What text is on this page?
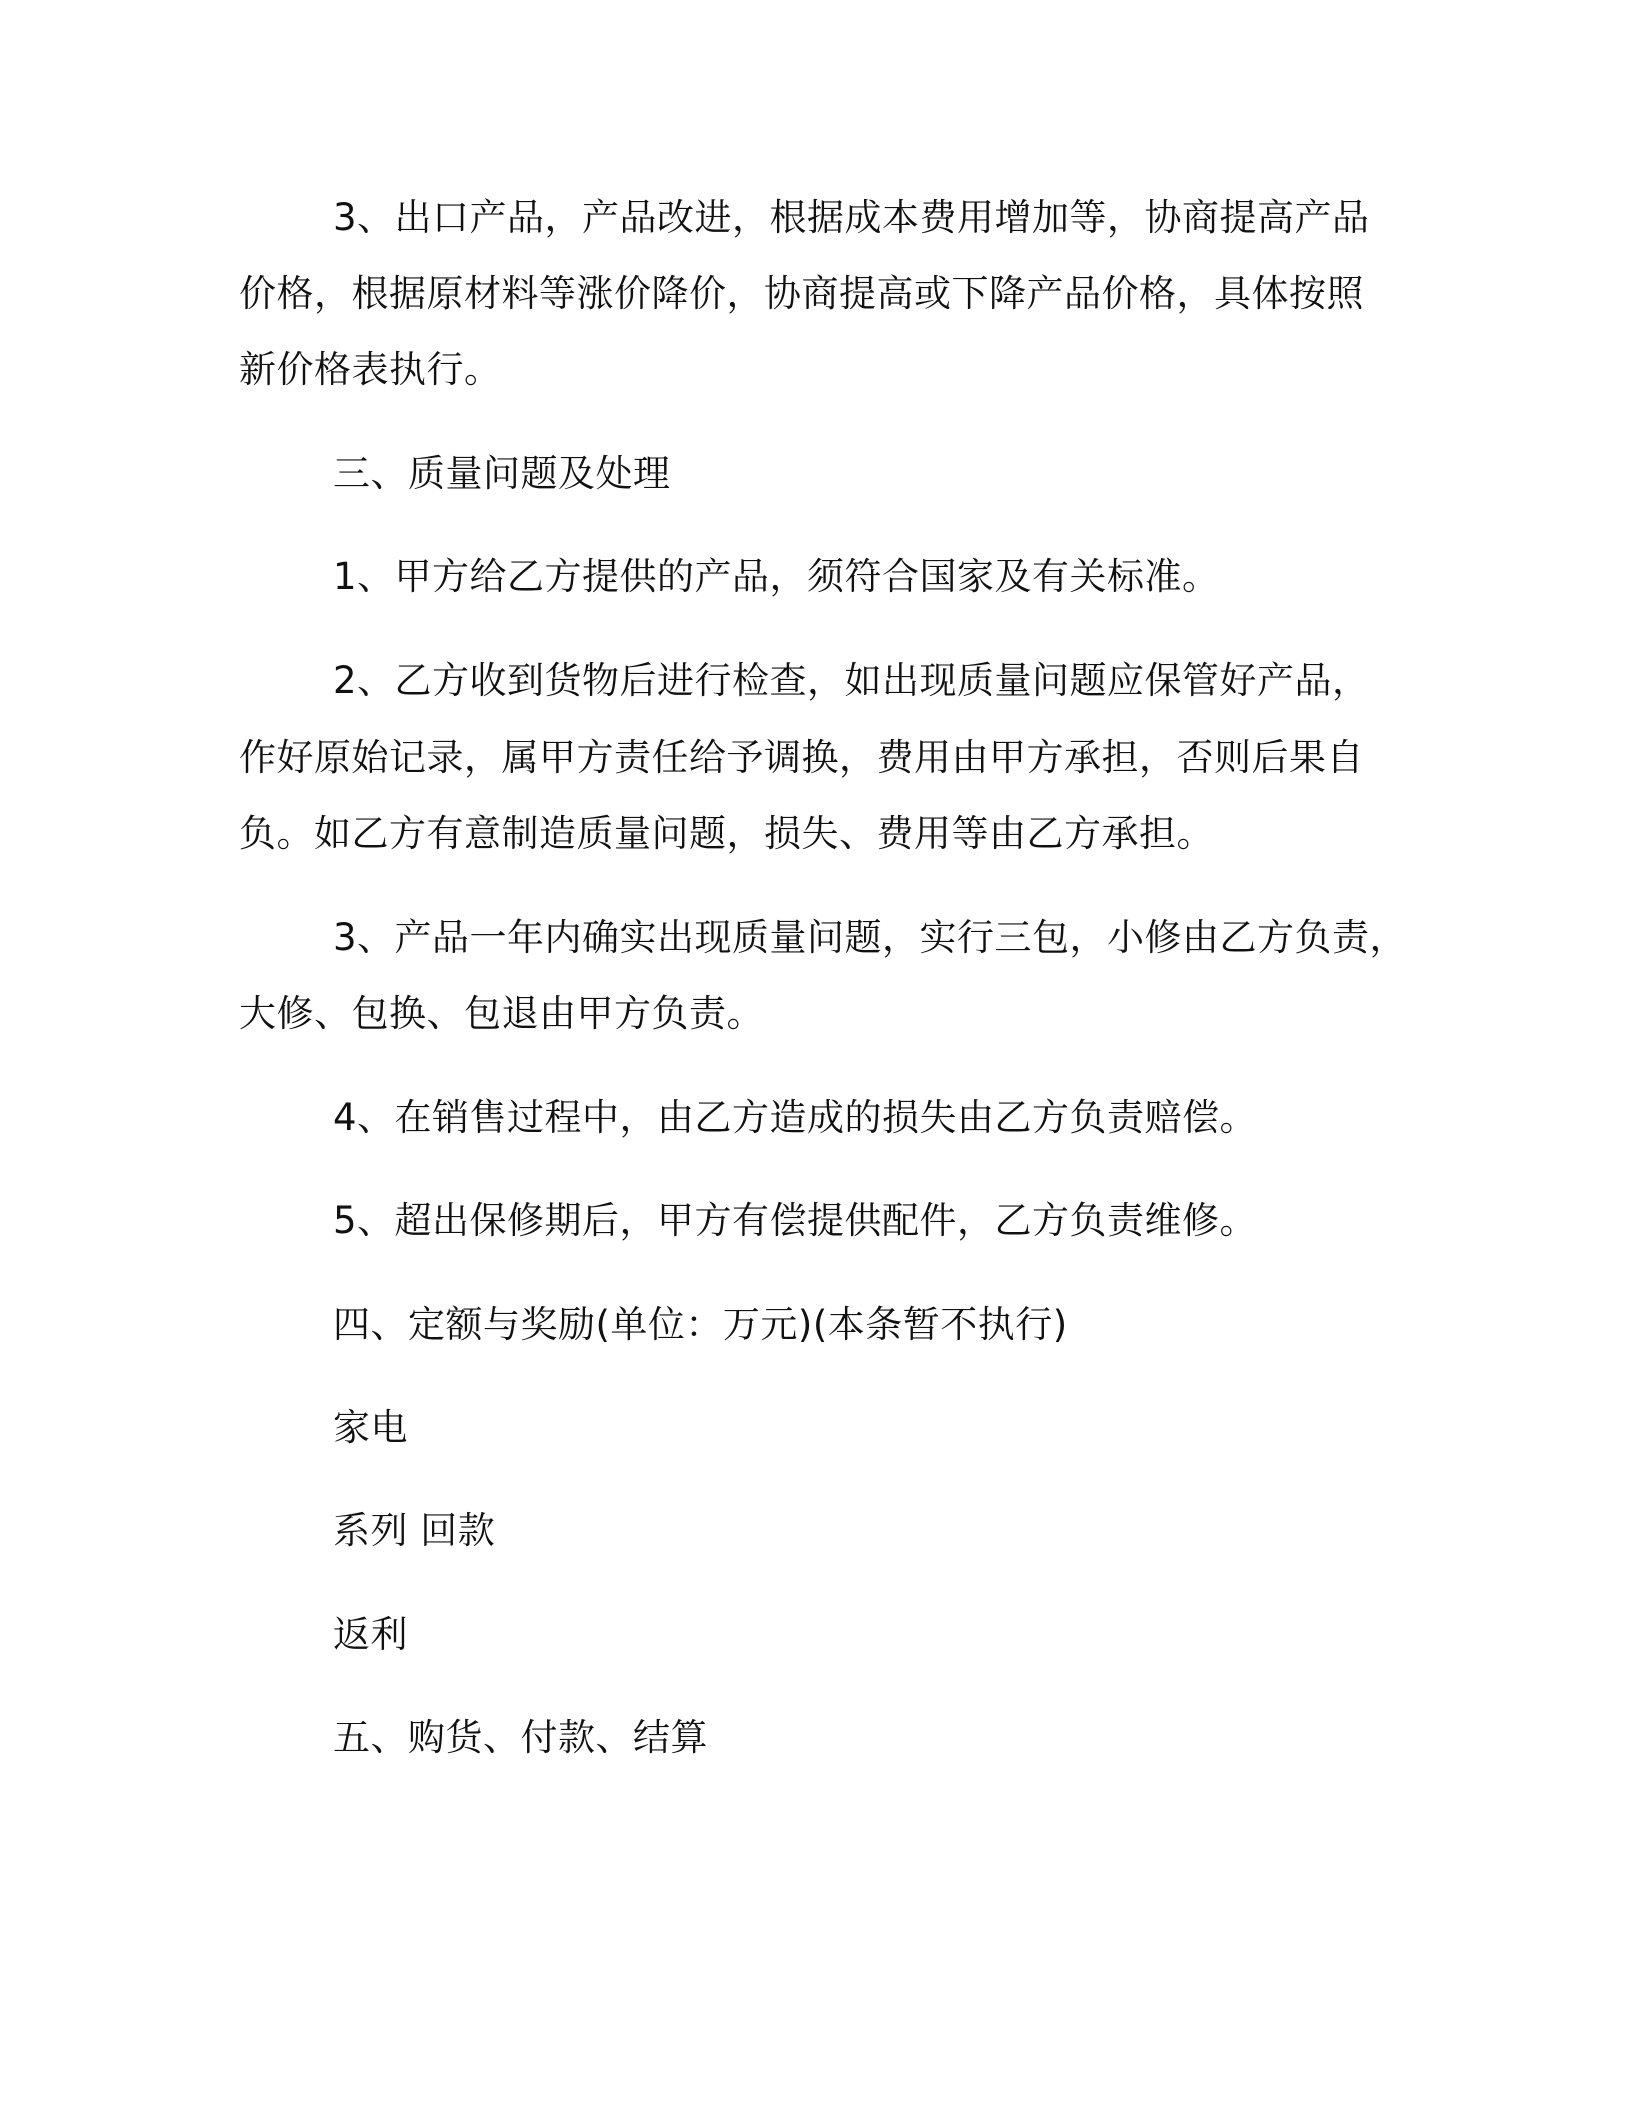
3、出口产品，产品改进，根据成本费用增加等，协商提高产品
价格，根据原材料等涨价降价，协商提高或下降产品价格，具体按照
新价格表执行。
三、质量问题及处理
1、甲方给乙方提供的产品，须符合国家及有关标准。
2、乙方收到货物后进行检查，如出现质量问题应保管好产品，
作好原始记录，属甲方责任给予调换，费用由甲方承担，否则后果自
负。如乙方有意制造质量问题，损失、费用等由乙方承担。
3、产品一年内确实出现质量问题，实行三包，小修由乙方负责，
大修、包换、包退由甲方负责。
4、在销售过程中，由乙方造成的损失由乙方负责赔偿。
5、超出保修期后，甲方有偿提供配件，乙方负责维修。
四、定额与奖励(单位：万元)(本条暂不执行)
家电
系列 回款
返利
五、购货、付款、结算
